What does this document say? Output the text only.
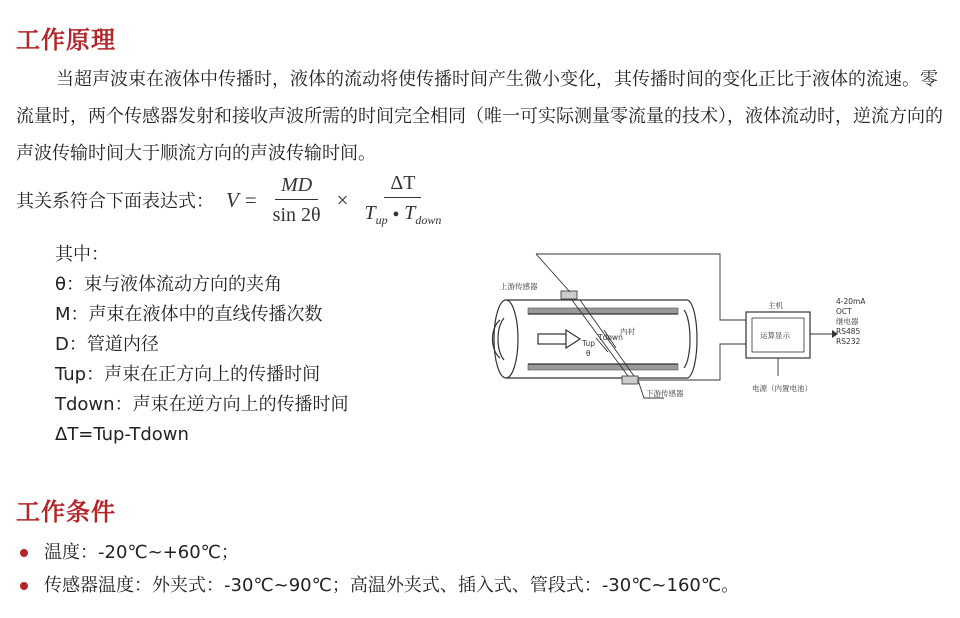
工作原理

当超声波束在液体中传播时，液体的流动将使传播时间产生微小变化，其传播时间的变化正比于液体的流速。零流量时，两个传感器发射和接收声波所需的时间完全相同（唯一可实际测量零流量的技术），液体流动时，逆流方向的声波传输时间大于顺流方向的声波传输时间。

其关系符合下面表达式： $V = \frac{MD}{\sin 2\theta} \times \frac{\Delta T}{T_{up} ● T_{down}}$
其中：
θ：束与液体流动方向的夹角
M：声束在液体中的直线传播次数
D：管道内径
Tup：声束在正方向上的传播时间
Tdown：声束在逆方向上的传播时间
ΔT=Tup-Tdown
上游传感器
下游传感器
内衬
Tdown
Tup
θ
主机
运算显示
电源（内置电池）
4-20mA
OCT
继电器
RS485
RS232
工作条件
温度：-20℃~+60℃；
传感器温度：外夹式：-30℃~90℃；高温外夹式、插入式、管段式：-30℃~160℃。
